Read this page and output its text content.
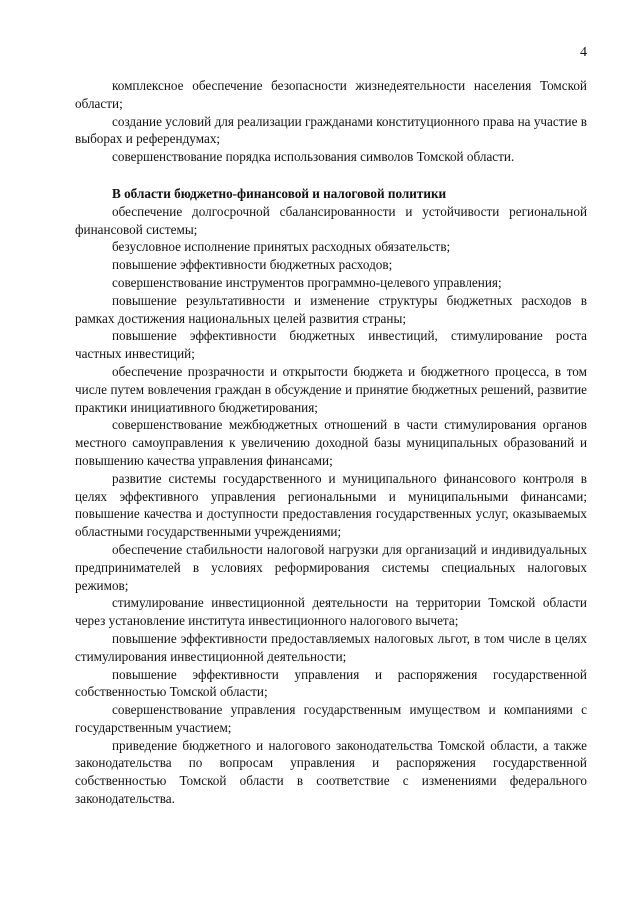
4

комплексное обеспечение безопасности жизнедеятельности населения Томской области;

создание условий для реализации гражданами конституционного права на участие в выборах и референдумах;

совершенствование порядка использования символов Томской области.

В области бюджетно-финансовой и налоговой политики

обеспечение долгосрочной сбалансированности и устойчивости региональной финансовой системы;

безусловное исполнение принятых расходных обязательств;

повышение эффективности бюджетных расходов;

совершенствование инструментов программно-целевого управления;

повышение результативности и изменение структуры бюджетных расходов в рамках достижения национальных целей развития страны;

повышение эффективности бюджетных инвестиций, стимулирование роста частных инвестиций;

обеспечение прозрачности и открытости бюджета и бюджетного процесса, в том числе путем вовлечения граждан в обсуждение и принятие бюджетных решений, развитие практики инициативного бюджетирования;

совершенствование межбюджетных отношений в части стимулирования органов местного самоуправления к увеличению доходной базы муниципальных образований и повышению качества управления финансами;

развитие системы государственного и муниципального финансового контроля в целях эффективного управления региональными и муниципальными финансами; повышение качества и доступности предоставления государственных услуг, оказываемых областными государственными учреждениями;

обеспечение стабильности налоговой нагрузки для организаций и индивидуальных предпринимателей в условиях реформирования системы специальных налоговых режимов;

стимулирование инвестиционной деятельности на территории Томской области через установление института инвестиционного налогового вычета;

повышение эффективности предоставляемых налоговых льгот, в том числе в целях стимулирования инвестиционной деятельности;

повышение эффективности управления и распоряжения государственной собственностью Томской области;

совершенствование управления государственным имуществом и компаниями с государственным участием;

приведение бюджетного и налогового законодательства Томской области, а также законодательства по вопросам управления и распоряжения государственной собственностью Томской области в соответствие с изменениями федерального законодательства.
